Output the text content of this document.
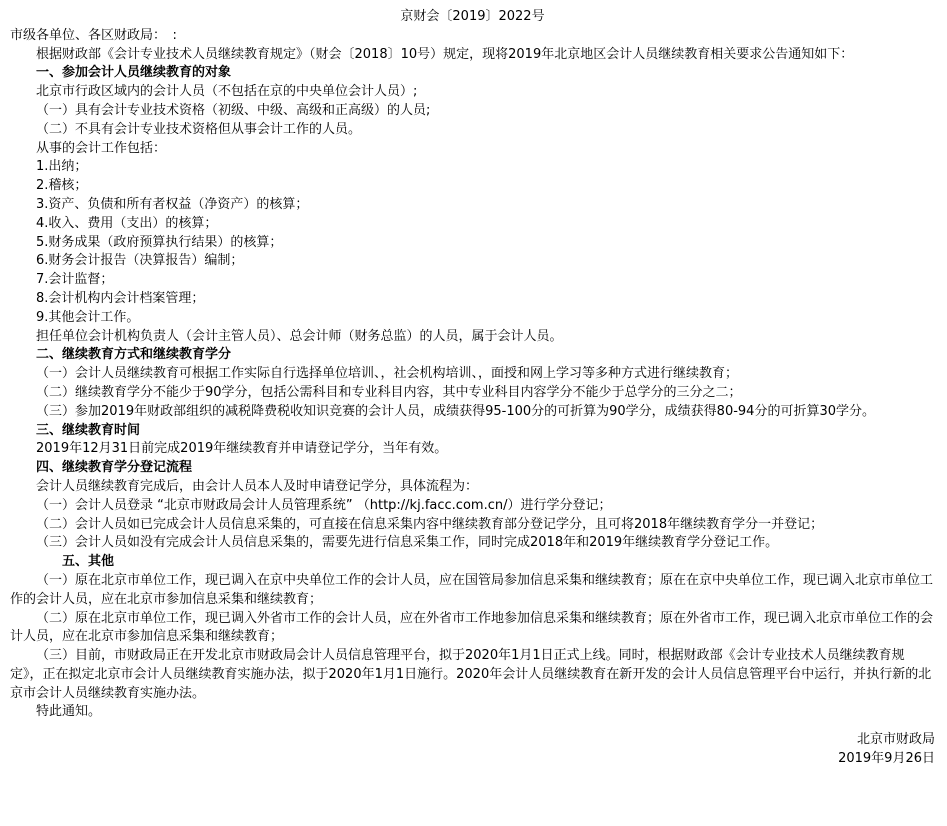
京财会〔2019〕2022号

市级各单位、各区财政局：　:

根据财政部《会计专业技术人员继续教育规定》（财会〔2018〕10号）规定，现将2019年北京地区会计人员继续教育相关要求公告通知如下：

一、参加会计人员继续教育的对象

北京市行政区域内的会计人员（不包括在京的中央单位会计人员）;

（一）具有会计专业技术资格（初级、中级、高级和正高级）的人员;

（二）不具有会计专业技术资格但从事会计工作的人员。

从事的会计工作包括：

1.出纳；

2.稽核；

3.资产、负债和所有者权益（净资产）的核算；

4.收入、费用（支出）的核算；

5.财务成果（政府预算执行结果）的核算；

6.财务会计报告（决算报告）编制；

7.会计监督；

8.会计机构内会计档案管理；

9.其他会计工作。

担任单位会计机构负责人（会计主管人员）、总会计师（财务总监）的人员，属于会计人员。

二、继续教育方式和继续教育学分

（一）会计人员继续教育可根据工作实际自行选择单位培训、，社会机构培训、，面授和网上学习等多种方式进行继续教育；

（二）继续教育学分不能少于90学分，包括公需科目和专业科目内容，其中专业科目内容学分不能少于总学分的三分之二；

（三）参加2019年财政部组织的减税降费税收知识竞赛的会计人员，成绩获得95-100分的可折算为90学分，成绩获得80-94分的可折算30学分。

三、继续教育时间

2019年12月31日前完成2019年继续教育并申请登记学分，当年有效。

四、继续教育学分登记流程

会计人员继续教育完成后，由会计人员本人及时申请登记学分，具体流程为：

（一）会计人员登录 “北京市财政局会计人员管理系统” （http://kj.facc.com.cn/）进行学分登记；

（二）会计人员如已完成会计人员信息采集的，可直接在信息采集内容中继续教育部分登记学分，且可将2018年继续教育学分一并登记；

（三）会计人员如没有完成会计人员信息采集的，需要先进行信息采集工作，同时完成2018年和2019年继续教育学分登记工作。

五、其他

（一）原在北京市单位工作，现已调入在京中央单位工作的会计人员，应在国管局参加信息采集和继续教育；原在在京中央单位工作，现已调入北京市单位工作的会计人员，应在北京市参加信息采集和继续教育；

（二）原在北京市单位工作，现已调入外省市工作的会计人员，应在外省市工作地参加信息采集和继续教育；原在外省市工作，现已调入北京市单位工作的会计人员，应在北京市参加信息采集和继续教育；

（三）目前，市财政局正在开发北京市财政局会计人员信息管理平台，拟于2020年1月1日正式上线。同时，根据财政部《会计专业技术人员继续教育规定》，正在拟定北京市会计人员继续教育实施办法，拟于2020年1月1日施行。2020年会计人员继续教育在新开发的会计人员信息管理平台中运行，并执行新的北京市会计人员继续教育实施办法。

特此通知。

北京市财政局

2019年9月26日
